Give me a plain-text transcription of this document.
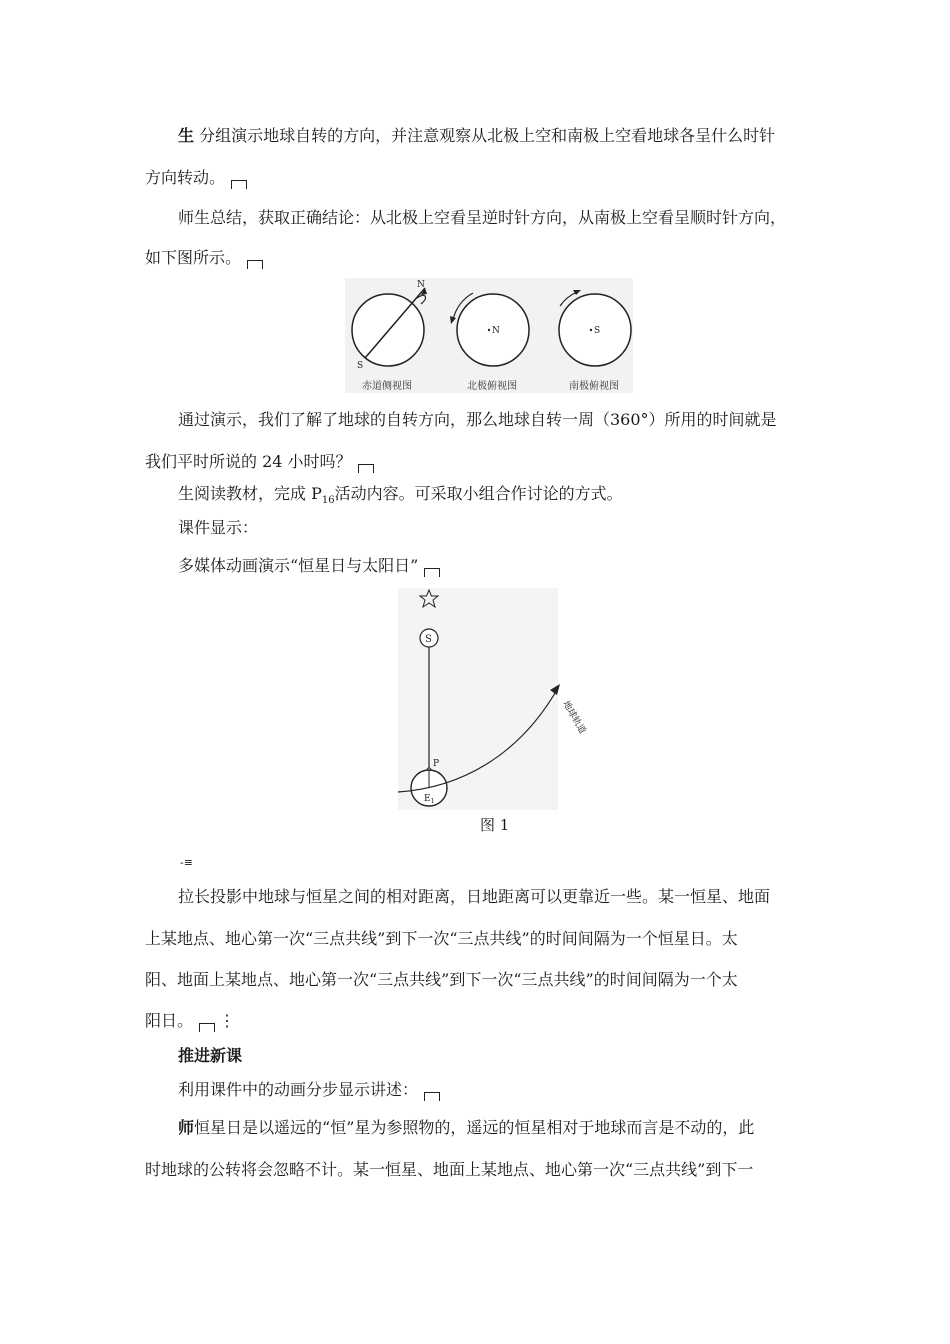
生 分组演示地球自转的方向，并注意观察从北极上空和南极上空看地球各呈什么时针
方向转动。
师生总结，获取正确结论：从北极上空看呈逆时针方向，从南极上空看呈顺时针方向，
如下图所示。
N
S
N	S
赤道侧视图	北极俯视图	南极俯视图
通过演示，我们了解了地球的自转方向，那么地球自转一周（360°）所用的时间就是
我们平时所说的 24 小时吗？
生阅读教材，完成 $P_{16}$活动内容。可采取小组合作讨论的方式。
课件显示：
多媒体动画演示“恒星日与太阳日”
S
P
$E_1$
地球轨道
图 1
-≡
拉长投影中地球与恒星之间的相对距离，日地距离可以更靠近一些。某一恒星、地面
上某地点、地心第一次“三点共线”到下一次“三点共线”的时间间隔为一个恒星日。太
阳、地面上某地点、地心第一次“三点共线”到下一次“三点共线”的时间间隔为一个太
阳日。 ⋮
推进新课
利用课件中的动画分步显示讲述：
师恒星日是以遥远的“恒”星为参照物的，遥远的恒星相对于地球而言是不动的，此
时地球的公转将会忽略不计。某一恒星、地面上某地点、地心第一次“三点共线”到下一
